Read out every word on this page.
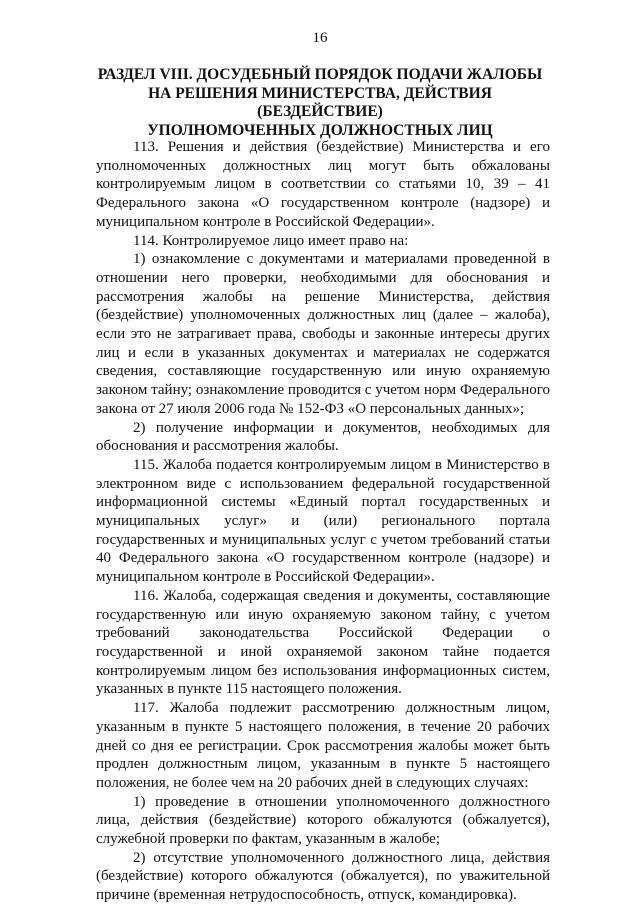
16
РАЗДЕЛ VIII. ДОСУДЕБНЫЙ ПОРЯДОК ПОДАЧИ ЖАЛОБЫ
НА РЕШЕНИЯ МИНИСТЕРСТВА, ДЕЙСТВИЯ (БЕЗДЕЙСТВИЕ)
УПОЛНОМОЧЕННЫХ ДОЛЖНОСТНЫХ ЛИЦ

113. Решения и действия (бездействие) Министерства и его уполномоченных должностных лиц могут быть обжалованы контролируемым лицом в соответствии со статьями 10, 39 – 41 Федерального закона «О государственном контроле (надзоре) и муниципальном контроле в Российской Федерации».

114. Контролируемое лицо имеет право на:

1) ознакомление с документами и материалами проведенной в отношении него проверки, необходимыми для обоснования и рассмотрения жалобы на решение Министерства, действия (бездействие) уполномоченных должностных лиц (далее – жалоба), если это не затрагивает права, свободы и законные интересы других лиц и если в указанных документах и материалах не содержатся сведения, составляющие государственную или иную охраняемую законом тайну; ознакомление проводится с учетом норм Федерального закона от 27 июля 2006 года № 152-ФЗ «О персональных данных»;

2) получение информации и документов, необходимых для обоснования и рассмотрения жалобы.

115. Жалоба подается контролируемым лицом в Министерство в электронном виде с использованием федеральной государственной информационной системы «Единый портал государственных и муниципальных услуг» и (или) регионального портала государственных и муниципальных услуг с учетом требований статьи 40 Федерального закона «О государственном контроле (надзоре) и муниципальном контроле в Российской Федерации».

116. Жалоба, содержащая сведения и документы, составляющие государственную или иную охраняемую законом тайну, с учетом требований законодательства Российской Федерации о государственной и иной охраняемой законом тайне подается контролируемым лицом без использования информационных систем, указанных в пункте 115 настоящего положения.

117. Жалоба подлежит рассмотрению должностным лицом, указанным в пункте 5 настоящего положения, в течение 20 рабочих дней со дня ее регистрации. Срок рассмотрения жалобы может быть продлен должностным лицом, указанным в пункте 5 настоящего положения, не более чем на 20 рабочих дней в следующих случаях:

1) проведение в отношении уполномоченного должностного лица, действия (бездействие) которого обжалуются (обжалуется), служебной проверки по фактам, указанным в жалобе;

2) отсутствие уполномоченного должностного лица, действия (бездействие) которого обжалуются (обжалуется), по уважительной причине (временная нетрудоспособность, отпуск, командировка).
